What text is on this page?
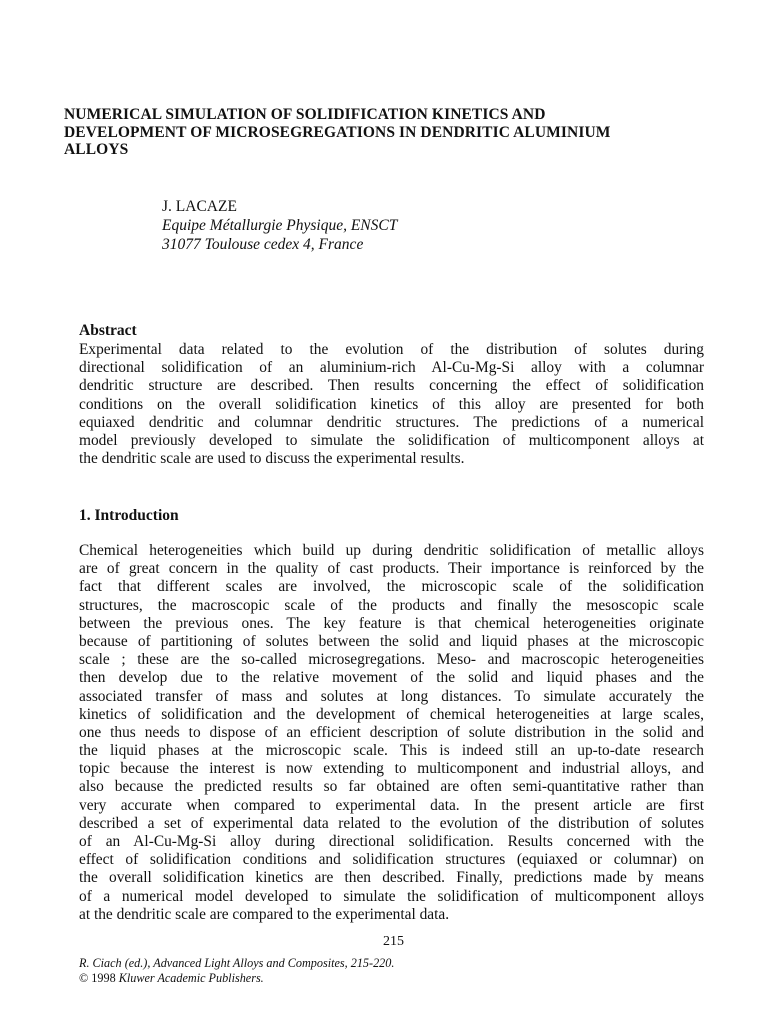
NUMERICAL SIMULATION OF SOLIDIFICATION KINETICS AND
DEVELOPMENT OF MICROSEGREGATIONS IN DENDRITIC ALUMINIUM
ALLOYS
J. LACAZE
Equipe Métallurgie Physique, ENSCT
31077 Toulouse cedex 4, France
Abstract

Experimental data related to the evolution of the distribution of solutes during
directional solidification of an aluminium-rich Al-Cu-Mg-Si alloy with a columnar
dendritic structure are described. Then results concerning the effect of solidification
conditions on the overall solidification kinetics of this alloy are presented for both
equiaxed dendritic and columnar dendritic structures. The predictions of a numerical
model previously developed to simulate the solidification of multicomponent alloys at
the dendritic scale are used to discuss the experimental results.

1. Introduction

Chemical heterogeneities which build up during dendritic solidification of metallic alloys
are of great concern in the quality of cast products. Their importance is reinforced by the
fact that different scales are involved, the microscopic scale of the solidification
structures, the macroscopic scale of the products and finally the mesoscopic scale
between the previous ones. The key feature is that chemical heterogeneities originate
because of partitioning of solutes between the solid and liquid phases at the microscopic
scale ; these are the so-called microsegregations. Meso- and macroscopic heterogeneities
then develop due to the relative movement of the solid and liquid phases and the
associated transfer of mass and solutes at long distances. To simulate accurately the
kinetics of solidification and the development of chemical heterogeneities at large scales,
one thus needs to dispose of an efficient description of solute distribution in the solid and
the liquid phases at the microscopic scale. This is indeed still an up-to-date research
topic because the interest is now extending to multicomponent and industrial alloys, and
also because the predicted results so far obtained are often semi-quantitative rather than
very accurate when compared to experimental data. In the present article are first
described a set of experimental data related to the evolution of the distribution of solutes
of an Al-Cu-Mg-Si alloy during directional solidification. Results concerned with the
effect of solidification conditions and solidification structures (equiaxed or columnar) on
the overall solidification kinetics are then described. Finally, predictions made by means
of a numerical model developed to simulate the solidification of multicomponent alloys
at the dendritic scale are compared to the experimental data.

215
R. Ciach (ed.), Advanced Light Alloys and Composites, 215-220.
© 1998 Kluwer Academic Publishers.
